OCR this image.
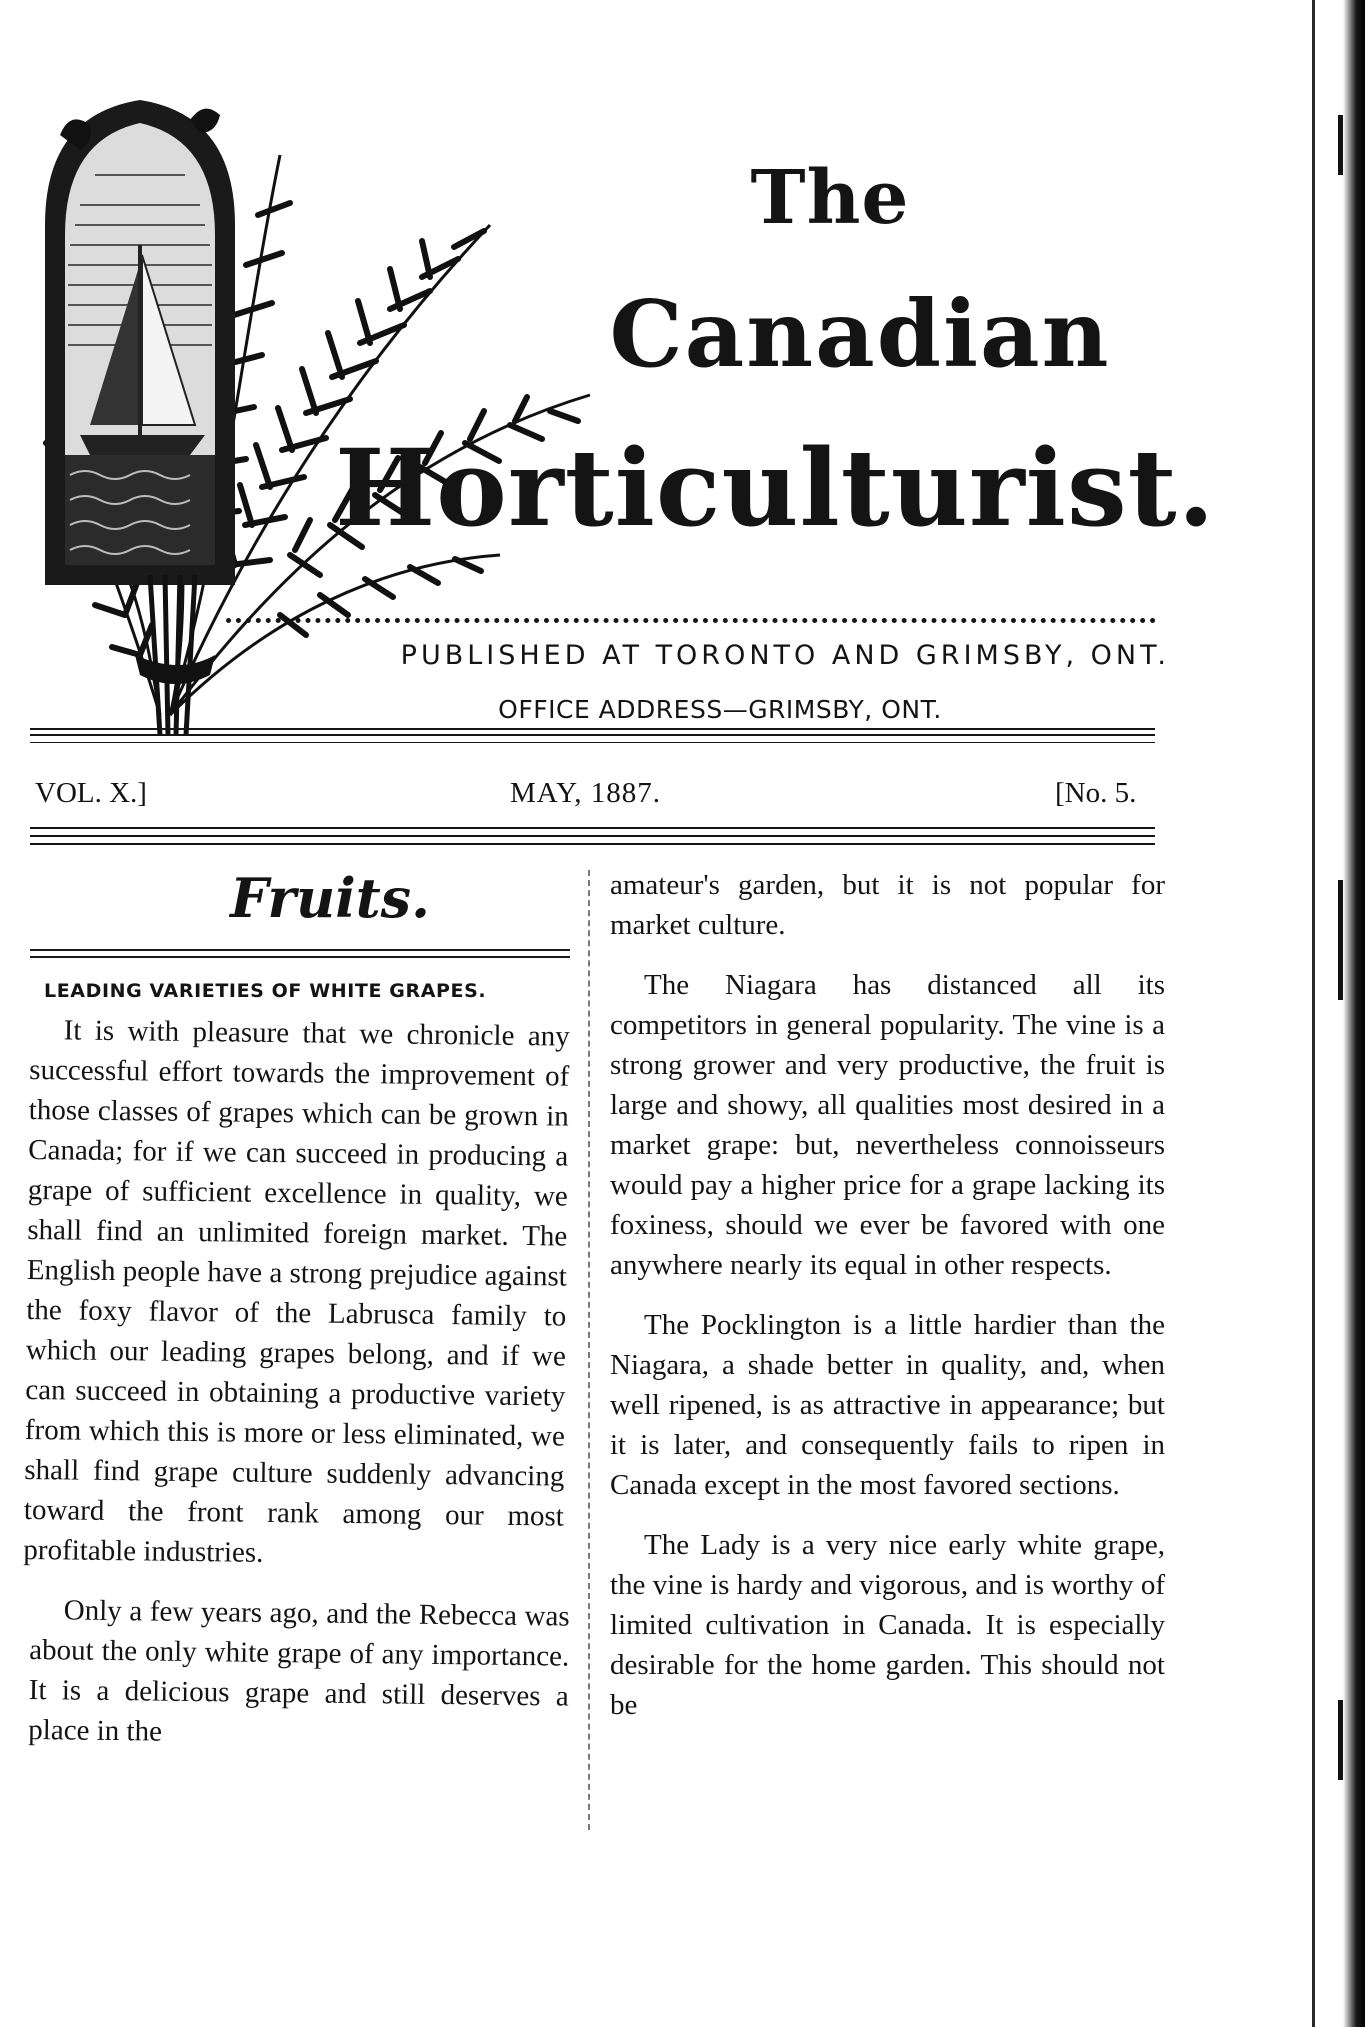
The
Canadian
Horticulturist.
PUBLISHED AT TORONTO AND GRIMSBY, ONT.
OFFICE ADDRESS—GRIMSBY, ONT.
VOL. X.]	MAY, 1887.	[No. 5.
Fruits.
LEADING VARIETIES OF WHITE GRAPES.

It is with pleasure that we chronicle any successful effort towards the improvement of those classes of grapes which can be grown in Canada; for if we can succeed in producing a grape of sufficient excellence in quality, we shall find an unlimited foreign market. The English people have a strong prejudice against the foxy flavor of the Labrusca family to which our leading grapes belong, and if we can succeed in obtaining a productive variety from which this is more or less eliminated, we shall find grape culture suddenly advancing toward the front rank among our most profitable industries.

Only a few years ago, and the Rebecca was about the only white grape of any importance. It is a delicious grape and still deserves a place in the

amateur's garden, but it is not popular for market culture.

The Niagara has distanced all its competitors in general popularity. The vine is a strong grower and very productive, the fruit is large and showy, all qualities most desired in a market grape: but, nevertheless connoisseurs would pay a higher price for a grape lacking its foxiness, should we ever be favored with one anywhere nearly its equal in other respects.

The Pocklington is a little hardier than the Niagara, a shade better in quality, and, when well ripened, is as attractive in appearance; but it is later, and consequently fails to ripen in Canada except in the most favored sections.

The Lady is a very nice early white grape, the vine is hardy and vigorous, and is worthy of limited cultivation in Canada. It is especially desirable for the home garden. This should not be
